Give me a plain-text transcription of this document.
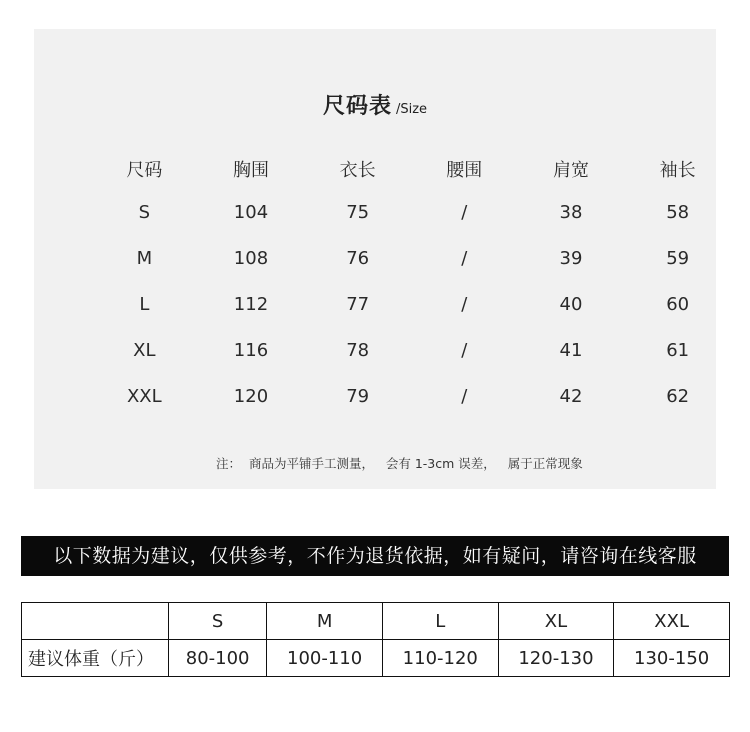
尺码表 /Size
尺码	胸围	衣长	腰围	肩宽	袖长
S	104	75	/	38	58
M	108	76	/	39	59
L	112	77	/	40	60
XL	116	78	/	41	61
XXL	120	79	/	42	62
注：  商品为平铺手工测量，   会有 1-3cm 误差，   属于正常现象
以下数据为建议，仅供参考，不作为退货依据，如有疑问，请咨询在线客服
	S	M	L	XL	XXL
建议体重（斤）	80-100	100-110	110-120	120-130	130-150
